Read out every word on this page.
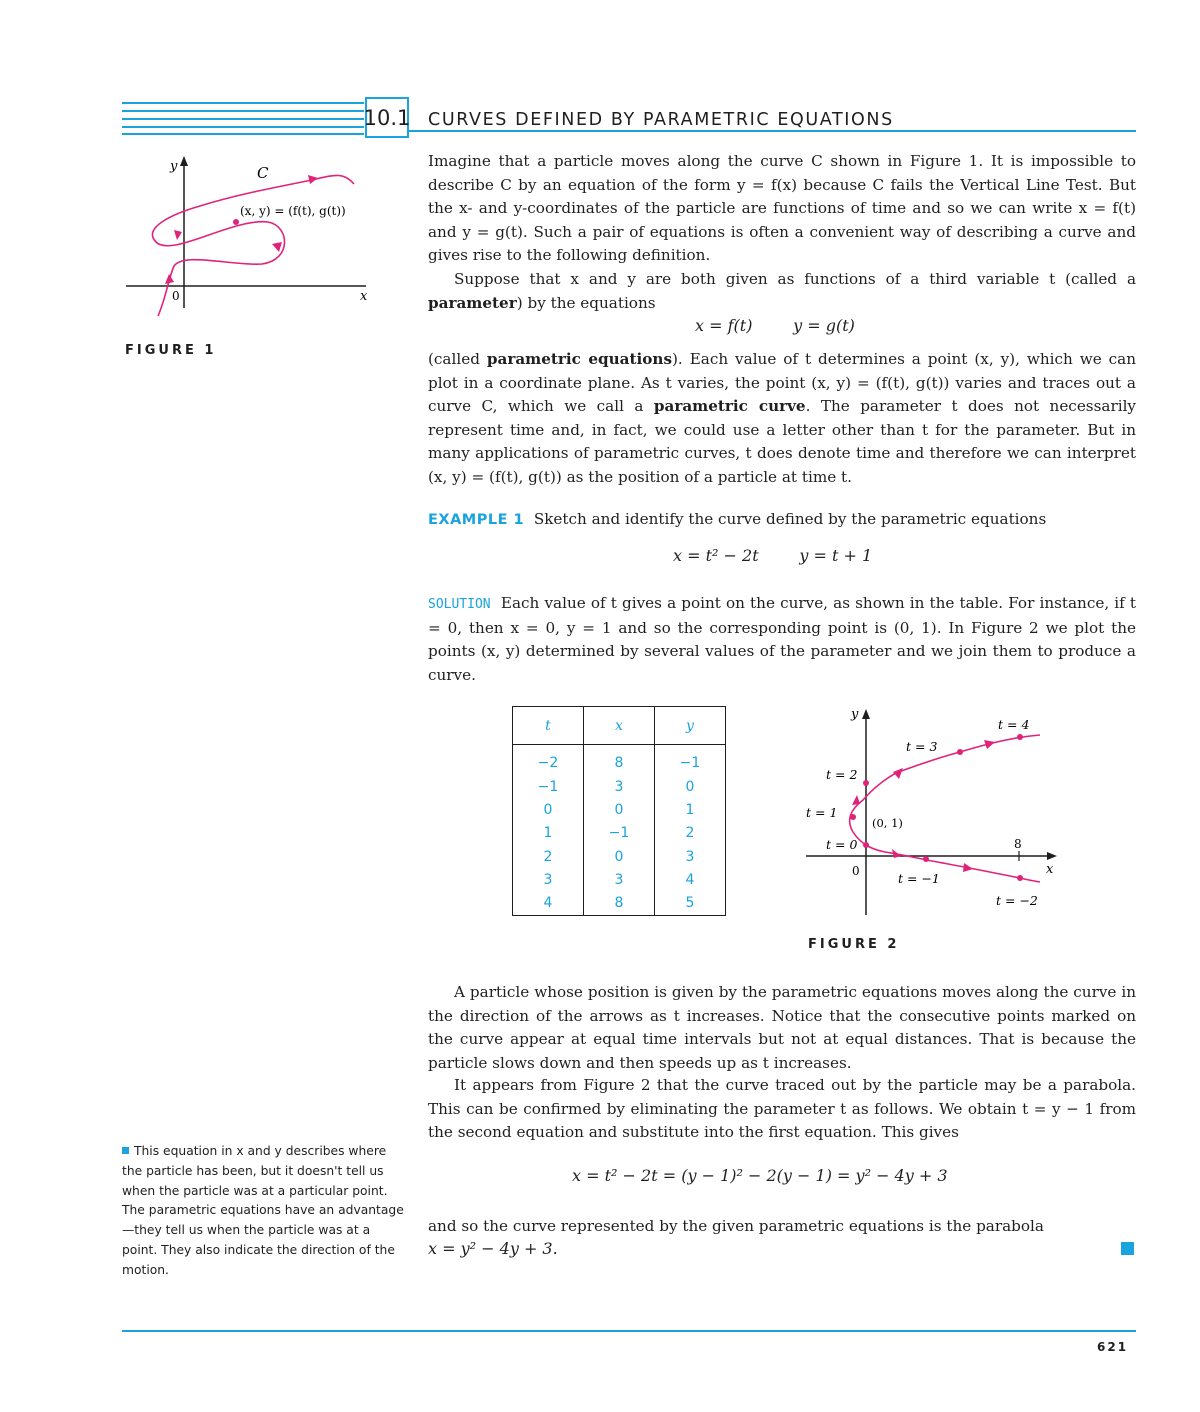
10.1 CURVES DEFINED BY PARAMETRIC EQUATIONS
y
x
0
C
(x, y) = (f(t), g(t))
FIGURE 1

Imagine that a particle moves along the curve C shown in Figure 1. It is impossible to describe C by an equation of the form y = f(x) because C fails the Vertical Line Test. But the x- and y-coordinates of the particle are functions of time and so we can write x = f(t) and y = g(t). Such a pair of equations is often a convenient way of describing a curve and gives rise to the following definition.

Suppose that x and y are both given as functions of a third variable t (called a parameter) by the equations

x = f(t)        y = g(t)

(called parametric equations). Each value of t determines a point (x, y), which we can plot in a coordinate plane. As t varies, the point (x, y) = (f(t), g(t)) varies and traces out a curve C, which we call a parametric curve. The parameter t does not necessarily represent time and, in fact, we could use a letter other than t for the parameter. But in many applications of parametric curves, t does denote time and therefore we can interpret (x, y) = (f(t), g(t)) as the position of a particle at time t.

EXAMPLE 1 Sketch and identify the curve defined by the parametric equations

x = t² − 2t        y = t + 1

SOLUTION Each value of t gives a point on the curve, as shown in the table. For instance, if t = 0, then x = 0, y = 1 and so the corresponding point is (0, 1). In Figure 2 we plot the points (x, y) determined by several values of the parameter and we join them to produce a curve.

t	x	y
−2	8	−1
−1	3	0
0	0	1
1	−1	2
2	0	3
3	3	4
4	8	5
y
x
0
8
(0, 1)
t = 4
t = 3
t = 2
t = 1
t = 0
t = −1
t = −2
FIGURE 2

A particle whose position is given by the parametric equations moves along the curve in the direction of the arrows as t increases. Notice that the consecutive points marked on the curve appear at equal time intervals but not at equal distances. That is because the particle slows down and then speeds up as t increases.

It appears from Figure 2 that the curve traced out by the particle may be a parabola. This can be confirmed by eliminating the parameter t as follows. We obtain t = y − 1 from the second equation and substitute into the first equation. This gives

x = t² − 2t = (y − 1)² − 2(y − 1) = y² − 4y + 3

and so the curve represented by the given parametric equations is the parabola

x = y² − 4y + 3.
This equation in x and y describes where the particle has been, but it doesn't tell us when the particle was at a particular point. The parametric equations have an advantage—they tell us when the particle was at a point. They also indicate the direction of the motion.
621
